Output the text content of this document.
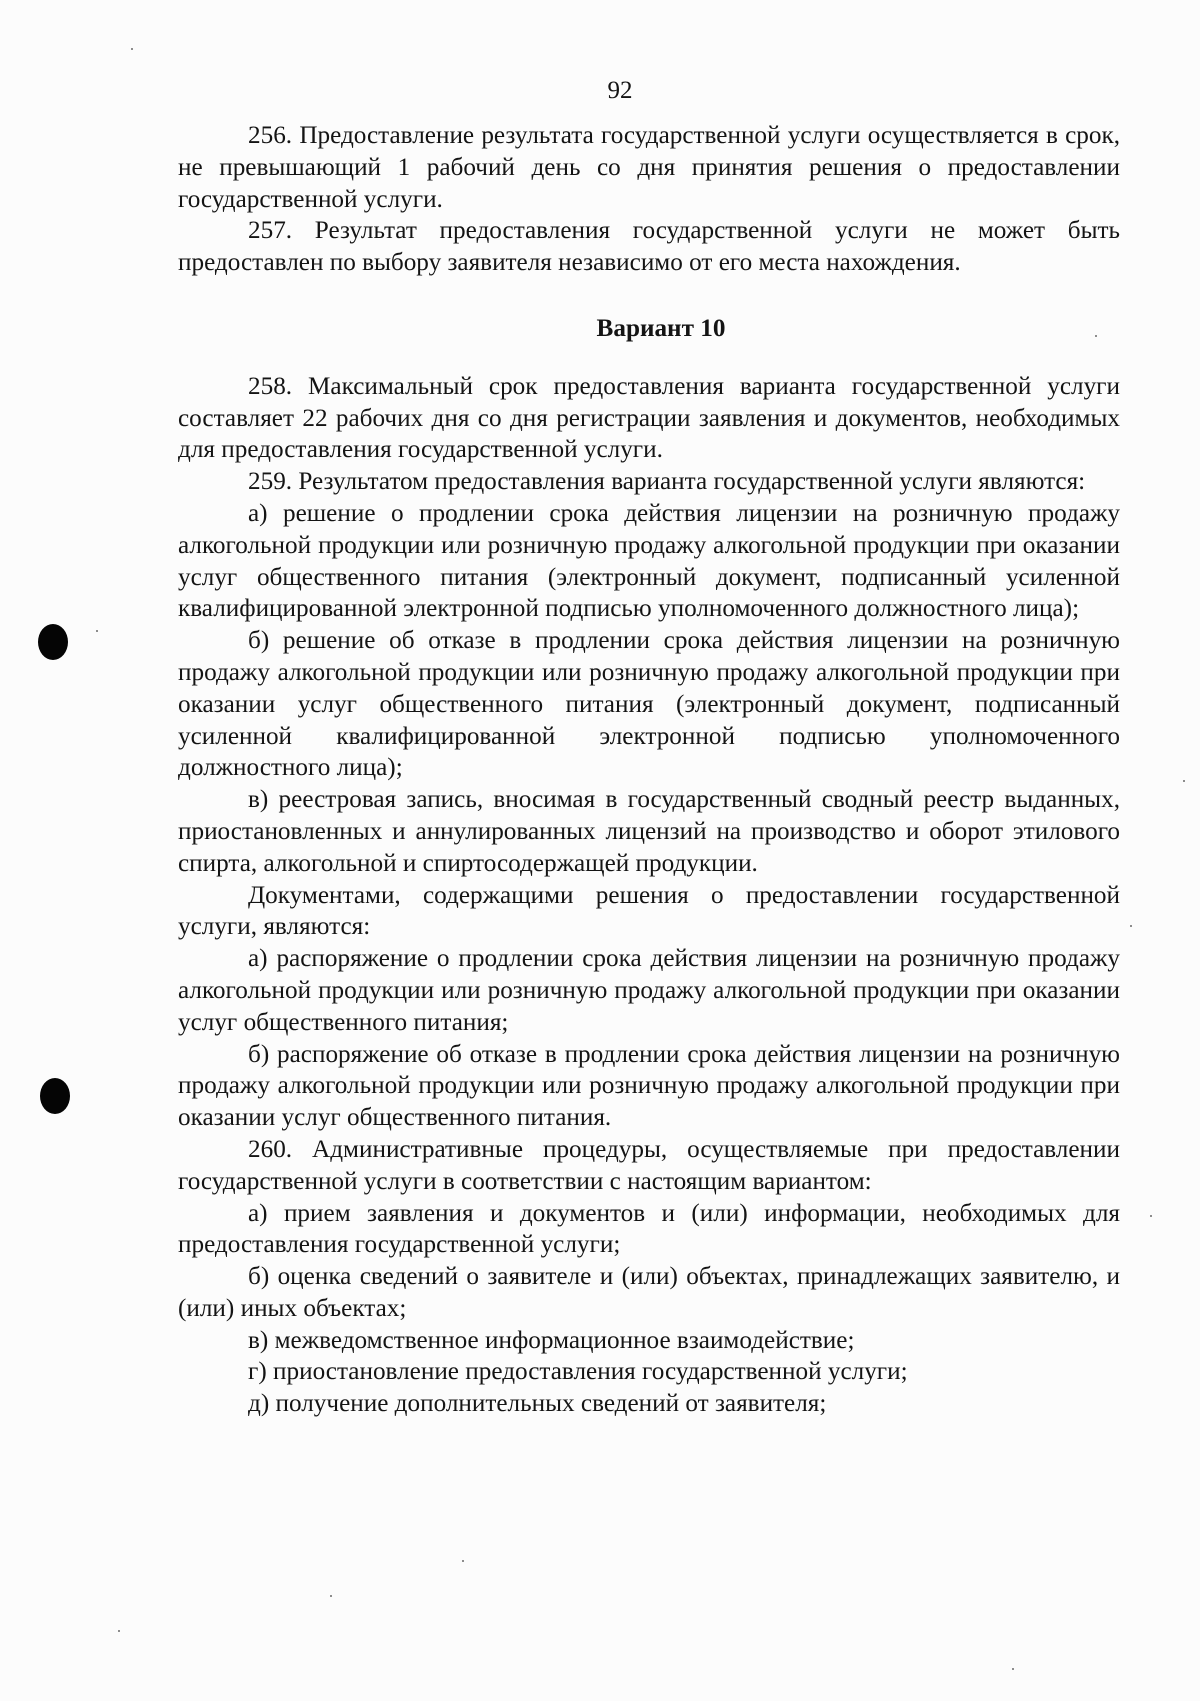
92

256. Предоставление результата государственной услуги осуществляется в срок, не превышающий 1 рабочий день со дня принятия решения о предоставлении государственной услуги.

257. Результат предоставления государственной услуги не может быть предоставлен по выбору заявителя независимо от его места нахождения.

Вариант 10

258. Максимальный срок предоставления варианта государственной услуги составляет 22 рабочих дня со дня регистрации заявления и документов, необходимых для предоставления государственной услуги.

259. Результатом предоставления варианта государственной услуги являются:

а) решение о продлении срока действия лицензии на розничную продажу алкогольной продукции или розничную продажу алкогольной продукции при оказании услуг общественного питания (электронный документ, подписанный усиленной квалифицированной электронной подписью уполномоченного должностного лица);

б) решение об отказе в продлении срока действия лицензии на розничную продажу алкогольной продукции или розничную продажу алкогольной продукции при оказании услуг общественного питания (электронный документ, подписанный усиленной квалифицированной электронной подписью уполномоченного должностного лица);

в) реестровая запись, вносимая в государственный сводный реестр выданных, приостановленных и аннулированных лицензий на производство и оборот этилового спирта, алкогольной и спиртосодержащей продукции.

Документами, содержащими решения о предоставлении государственной услуги, являются:

а) распоряжение о продлении срока действия лицензии на розничную продажу алкогольной продукции или розничную продажу алкогольной продукции при оказании услуг общественного питания;

б) распоряжение об отказе в продлении срока действия лицензии на розничную продажу алкогольной продукции или розничную продажу алкогольной продукции при оказании услуг общественного питания.

260. Административные процедуры, осуществляемые при предоставлении государственной услуги в соответствии с настоящим вариантом:

а) прием заявления и документов и (или) информации, необходимых для предоставления государственной услуги;

б) оценка сведений о заявителе и (или) объектах, принадлежащих заявителю, и (или) иных объектах;

в) межведомственное информационное взаимодействие;

г) приостановление предоставления государственной услуги;

д) получение дополнительных сведений от заявителя;
